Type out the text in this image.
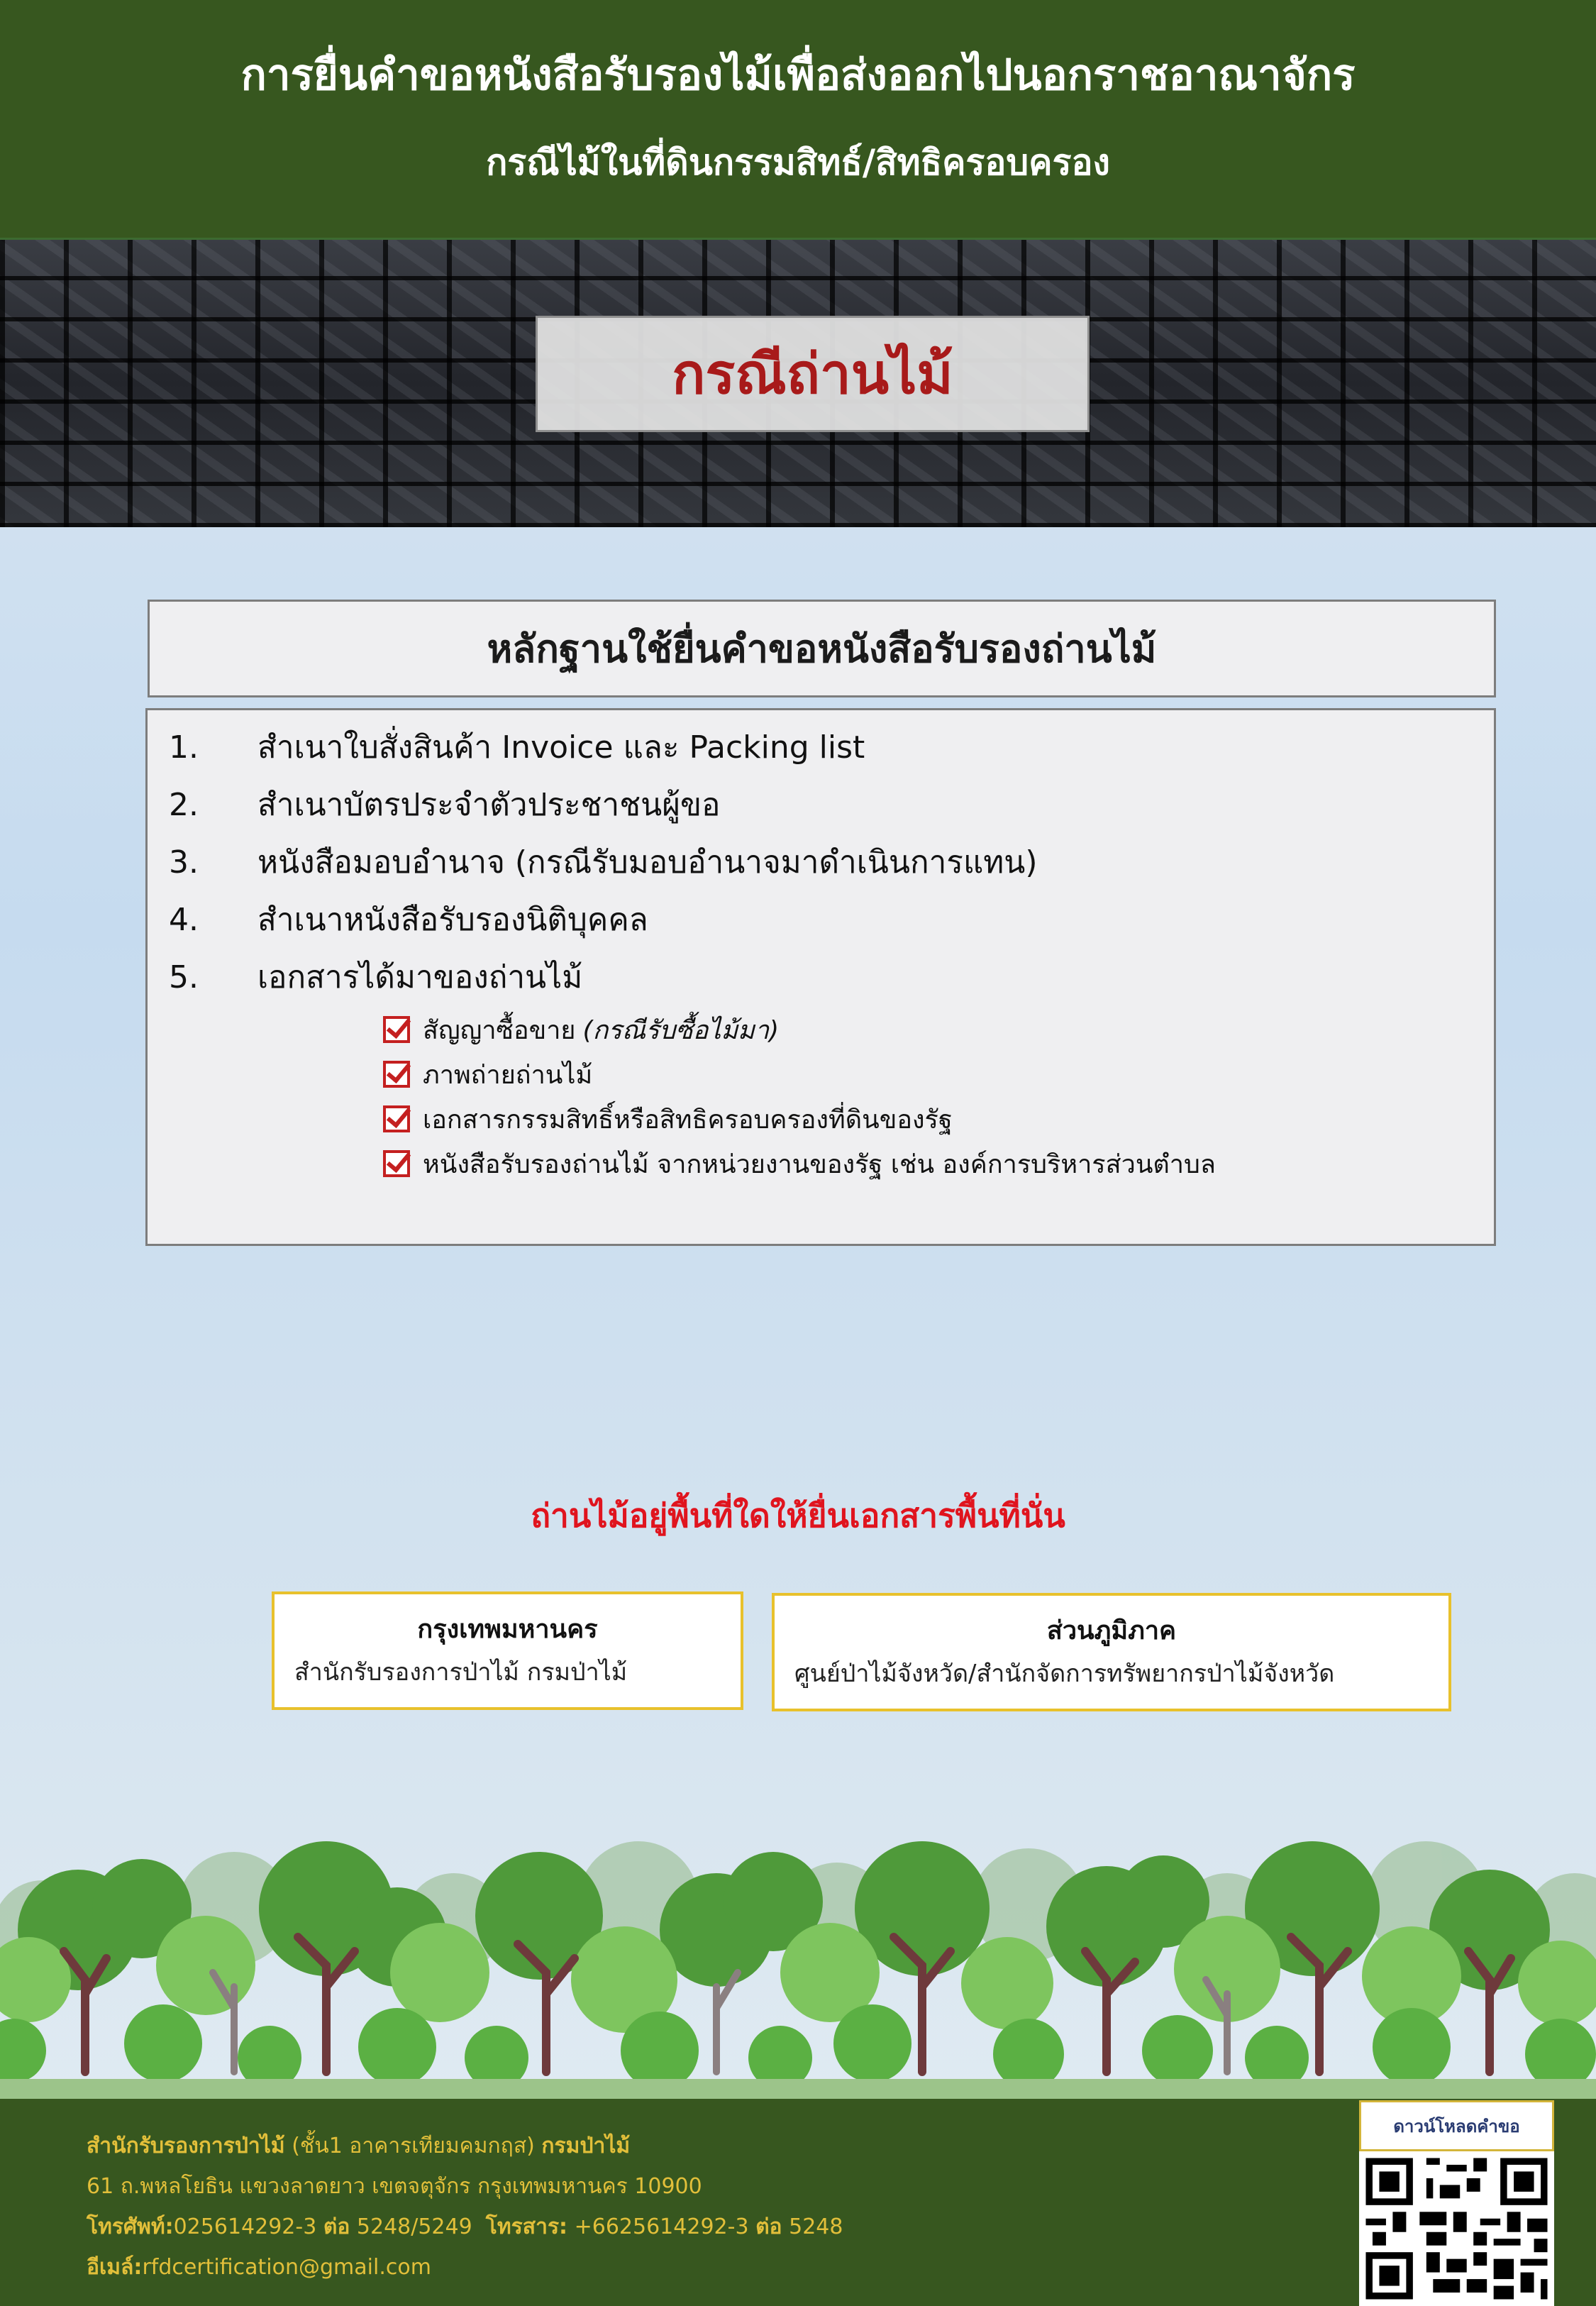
การยื่นคำขอหนังสือรับรองไม้เพื่อส่งออกไปนอกราชอาณาจักร
กรณีไม้ในที่ดินกรรมสิทธ์/สิทธิครอบครอง
กรณีถ่านไม้
หลักฐานใช้ยื่นคำขอหนังสือรับรองถ่านไม้
1.	สำเนาใบสั่งสินค้า Invoice และ Packing list
2.	สำเนาบัตรประจำตัวประชาชนผู้ขอ
3.	หนังสือมอบอำนาจ (กรณีรับมอบอำนาจมาดำเนินการแทน)
4.	สำเนาหนังสือรับรองนิติบุคคล
5.	เอกสารได้มาของถ่านไม้
สัญญาซื้อขาย (กรณีรับซื้อไม้มา)
ภาพถ่ายถ่านไม้
เอกสารกรรมสิทธิ์หรือสิทธิครอบครองที่ดินของรัฐ
หนังสือรับรองถ่านไม้ จากหน่วยงานของรัฐ เช่น องค์การบริหารส่วนตำบล
ถ่านไม้อยู่พื้นที่ใดให้ยื่นเอกสารพื้นที่นั่น
กรุงเทพมหานคร
สำนักรับรองการป่าไม้ กรมป่าไม้
ส่วนภูมิภาค
ศูนย์ป่าไม้จังหวัด/สำนักจัดการทรัพยากรป่าไม้จังหวัด
สำนักรับรองการป่าไม้ (ชั้น1 อาคารเทียมคมกฤส) กรมป่าไม้
61 ถ.พหลโยธิน แขวงลาดยาว เขตจตุจักร กรุงเทพมหานคร 10900
โทรศัพท์:025614292-3 ต่อ 5248/5249 โทรสาร: +6625614292-3 ต่อ 5248
อีเมล์:rfdcertification@gmail.com
ดาวน์โหลดคำขอ
